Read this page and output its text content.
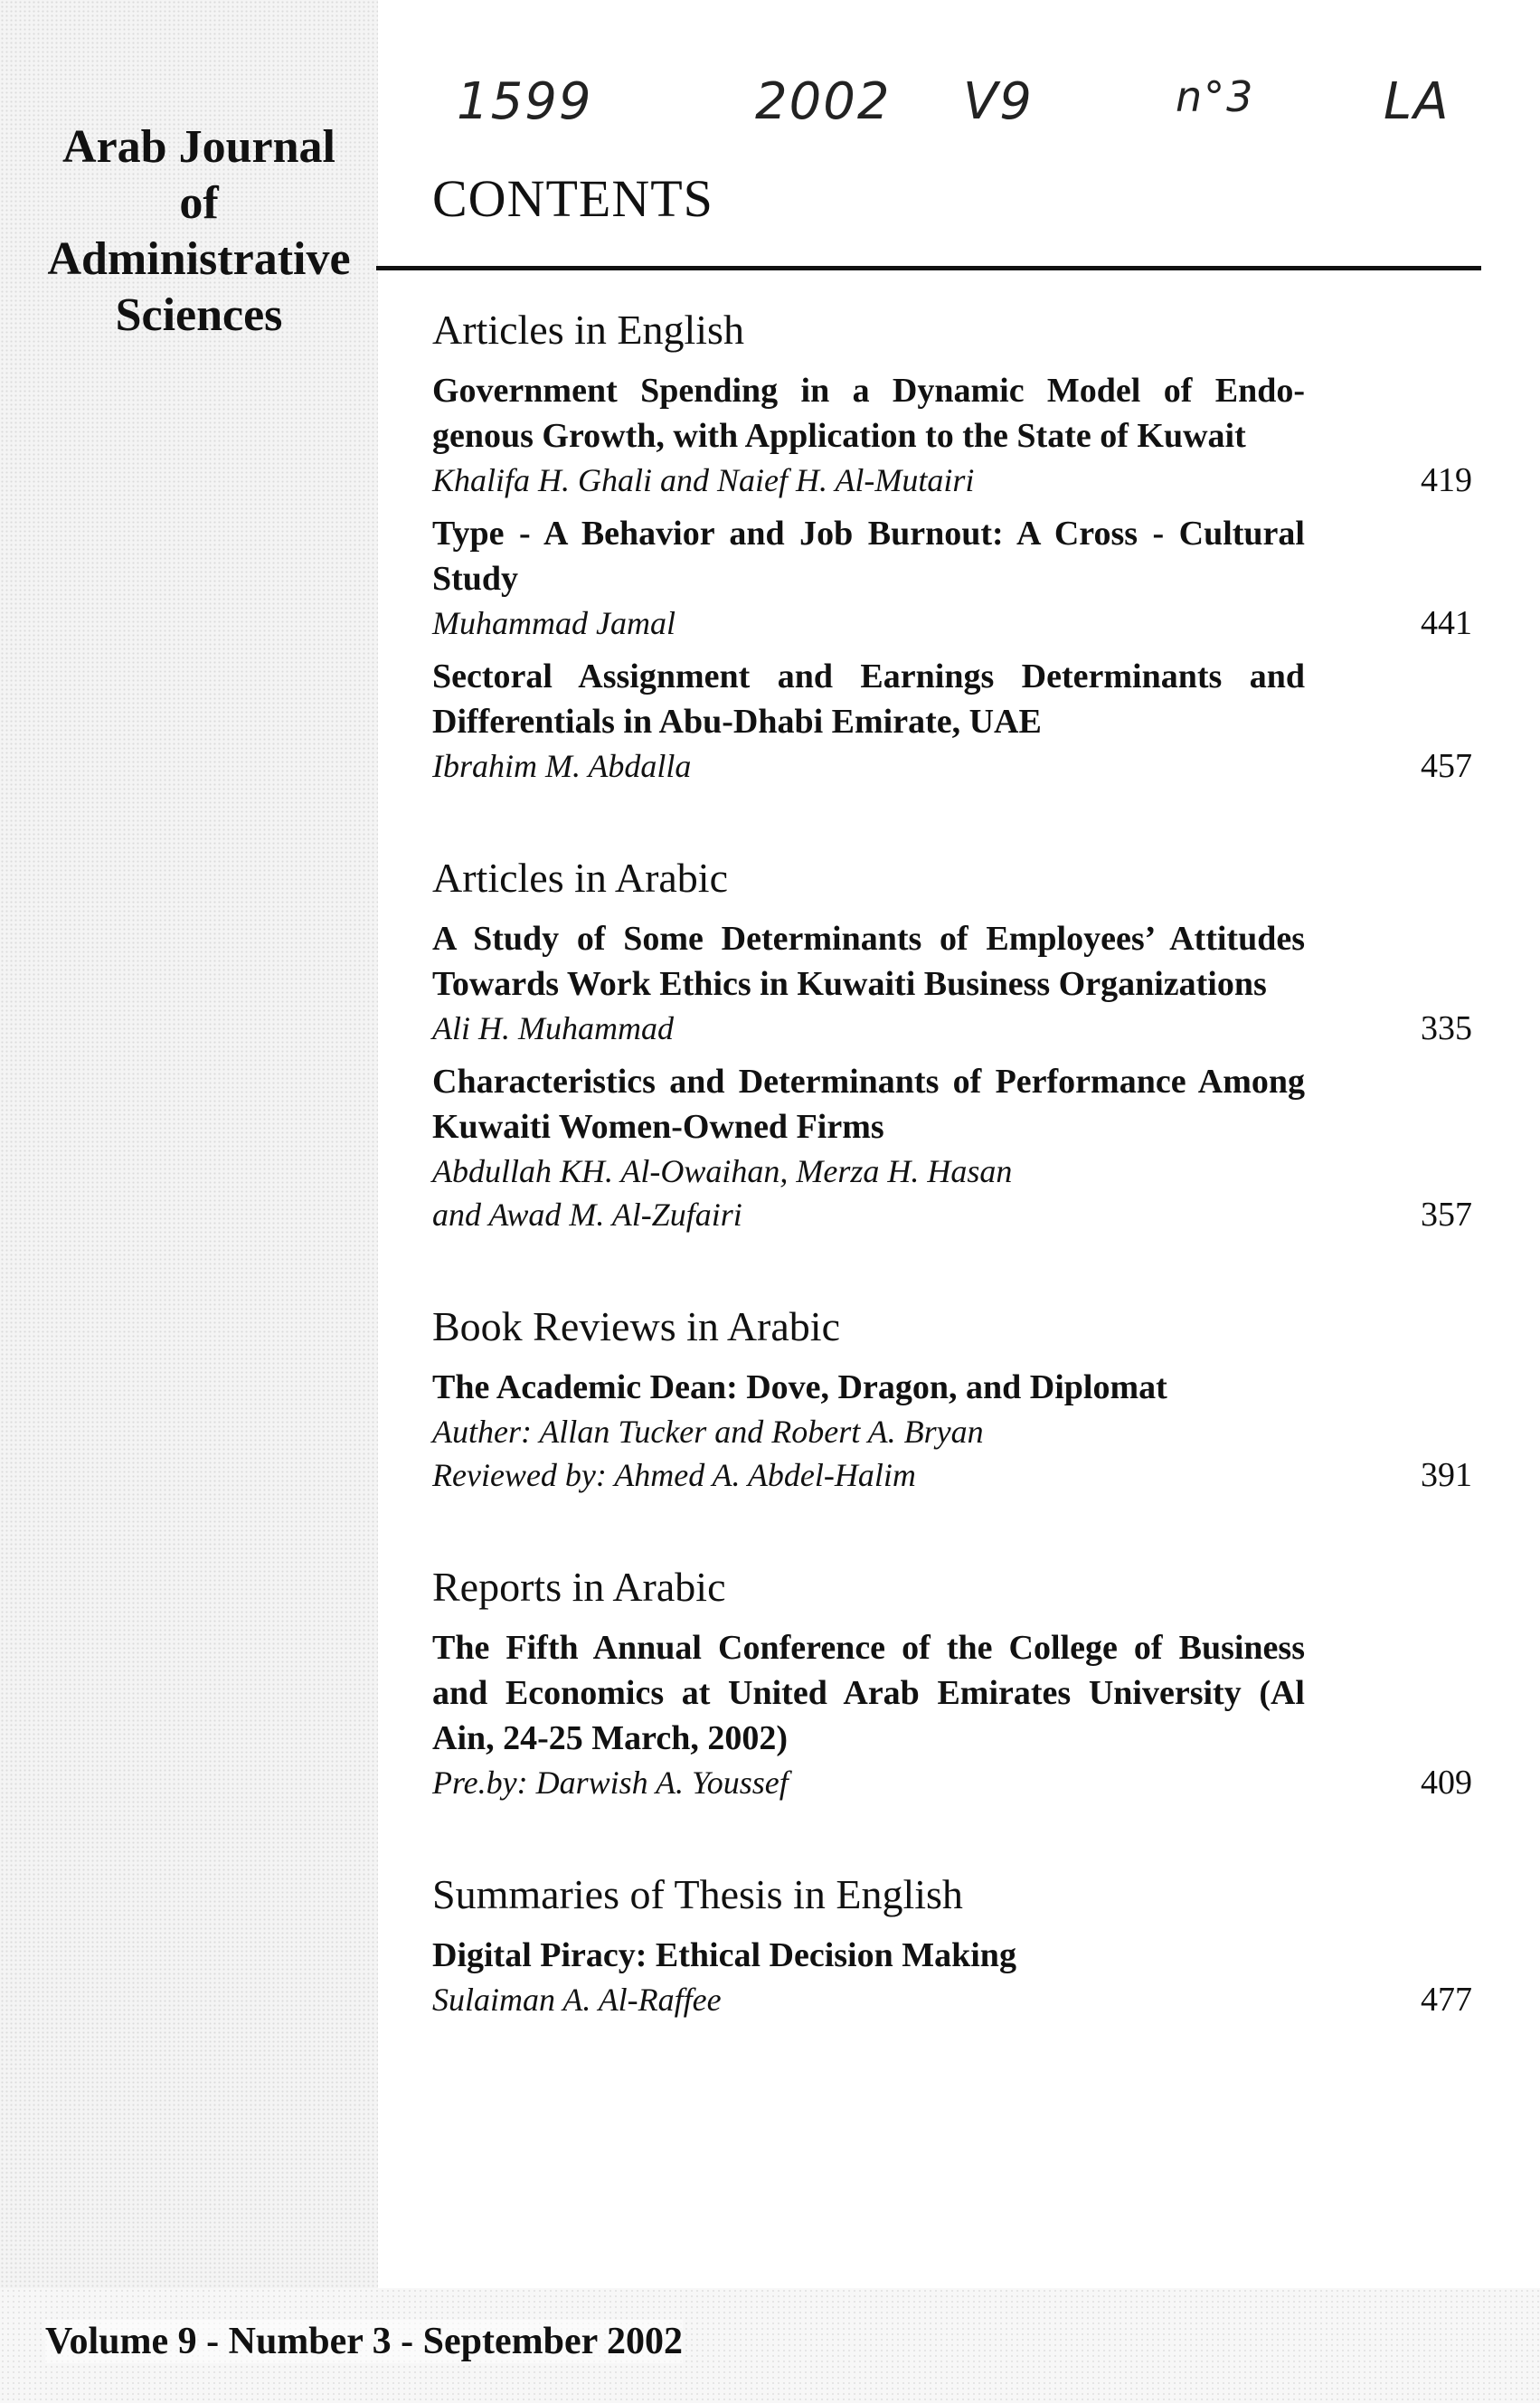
Arab Journal
of
Administrative
Sciences
1599	2002 V9	n°3	LA
CONTENTS
Articles in English
Government Spending in a Dynamic Model of Endo-genous Growth, with Application to the State of Kuwait
Khalifa H. Ghali and Naief H. Al-Mutairi	419
Type - A Behavior and Job Burnout: A Cross - Cultural Study
Muhammad Jamal	441
Sectoral Assignment and Earnings Determinants and Differentials in Abu-Dhabi Emirate, UAE
Ibrahim M. Abdalla	457
Articles in Arabic
A Study of Some Determinants of Employees’ Attitudes Towards Work Ethics in Kuwaiti Business Organizations
Ali H. Muhammad	335
Characteristics and Determinants of Performance Among Kuwaiti Women-Owned Firms
Abdullah KH. Al-Owaihan, Merza H. Hasan
and Awad M. Al-Zufairi	357
Book Reviews in Arabic
The Academic Dean: Dove, Dragon, and Diplomat
Auther: Allan Tucker and Robert A. Bryan
Reviewed by: Ahmed A. Abdel-Halim	391
Reports in Arabic
The Fifth Annual Conference of the College of Business and Economics at United Arab Emirates University (Al Ain, 24-25 March, 2002)
Pre.by: Darwish A. Youssef	409
Summaries of Thesis in English
Digital Piracy: Ethical Decision Making
Sulaiman A. Al-Raffee	477
Volume 9 - Number 3 - September 2002
